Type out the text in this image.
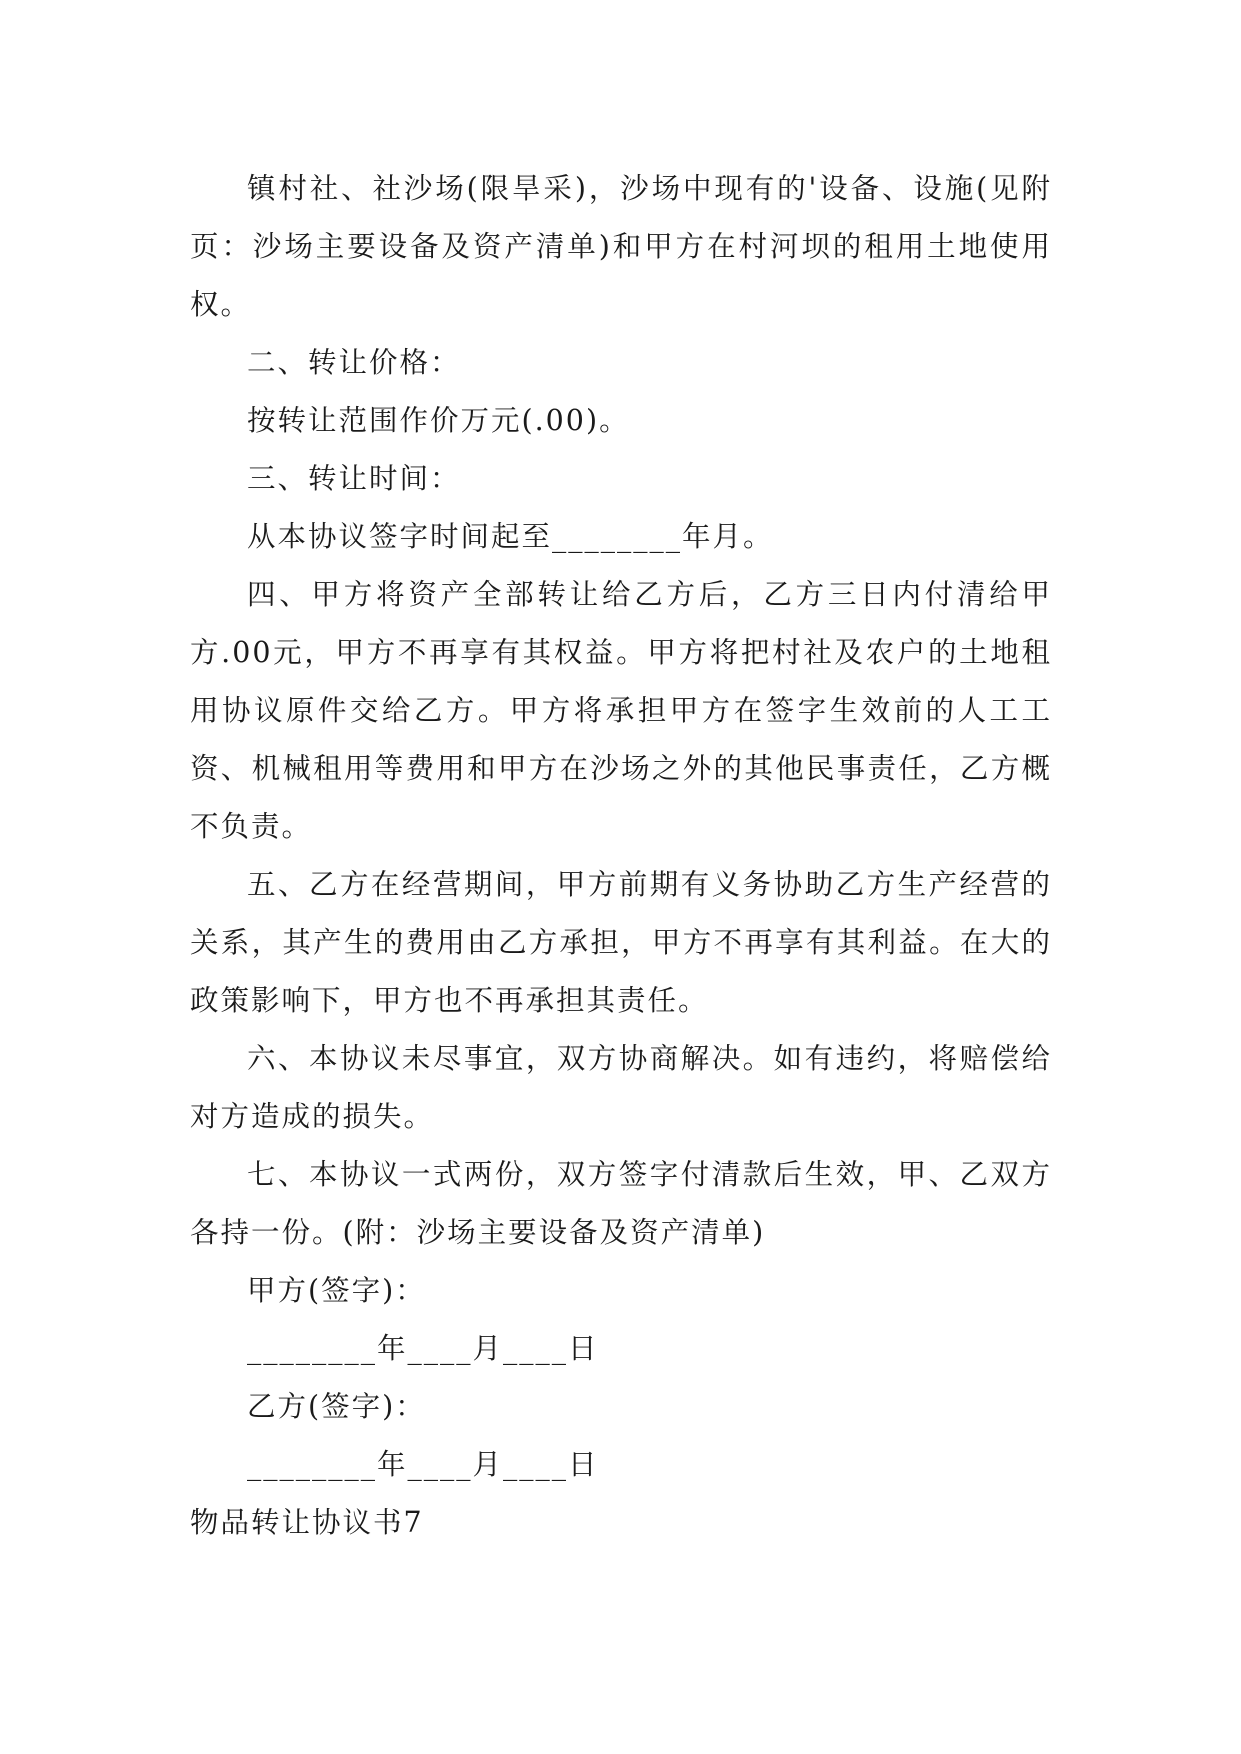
镇村社、社沙场(限旱采)，沙场中现有的'设备、设施(见附页：沙场主要设备及资产清单)和甲方在村河坝的租用土地使用权。

二、转让价格：

按转让范围作价万元(.00)。

三、转让时间：

从本协议签字时间起至________年月。

四、甲方将资产全部转让给乙方后，乙方三日内付清给甲方.00元，甲方不再享有其权益。甲方将把村社及农户的土地租用协议原件交给乙方。甲方将承担甲方在签字生效前的人工工资、机械租用等费用和甲方在沙场之外的其他民事责任，乙方概不负责。

五、乙方在经营期间，甲方前期有义务协助乙方生产经营的关系，其产生的费用由乙方承担，甲方不再享有其利益。在大的政策影响下，甲方也不再承担其责任。

六、本协议未尽事宜，双方协商解决。如有违约，将赔偿给对方造成的损失。

七、本协议一式两份，双方签字付清款后生效，甲、乙双方各持一份。(附：沙场主要设备及资产清单)

甲方(签字)：

________年____月____日

乙方(签字)：

________年____月____日

物品转让协议书7
